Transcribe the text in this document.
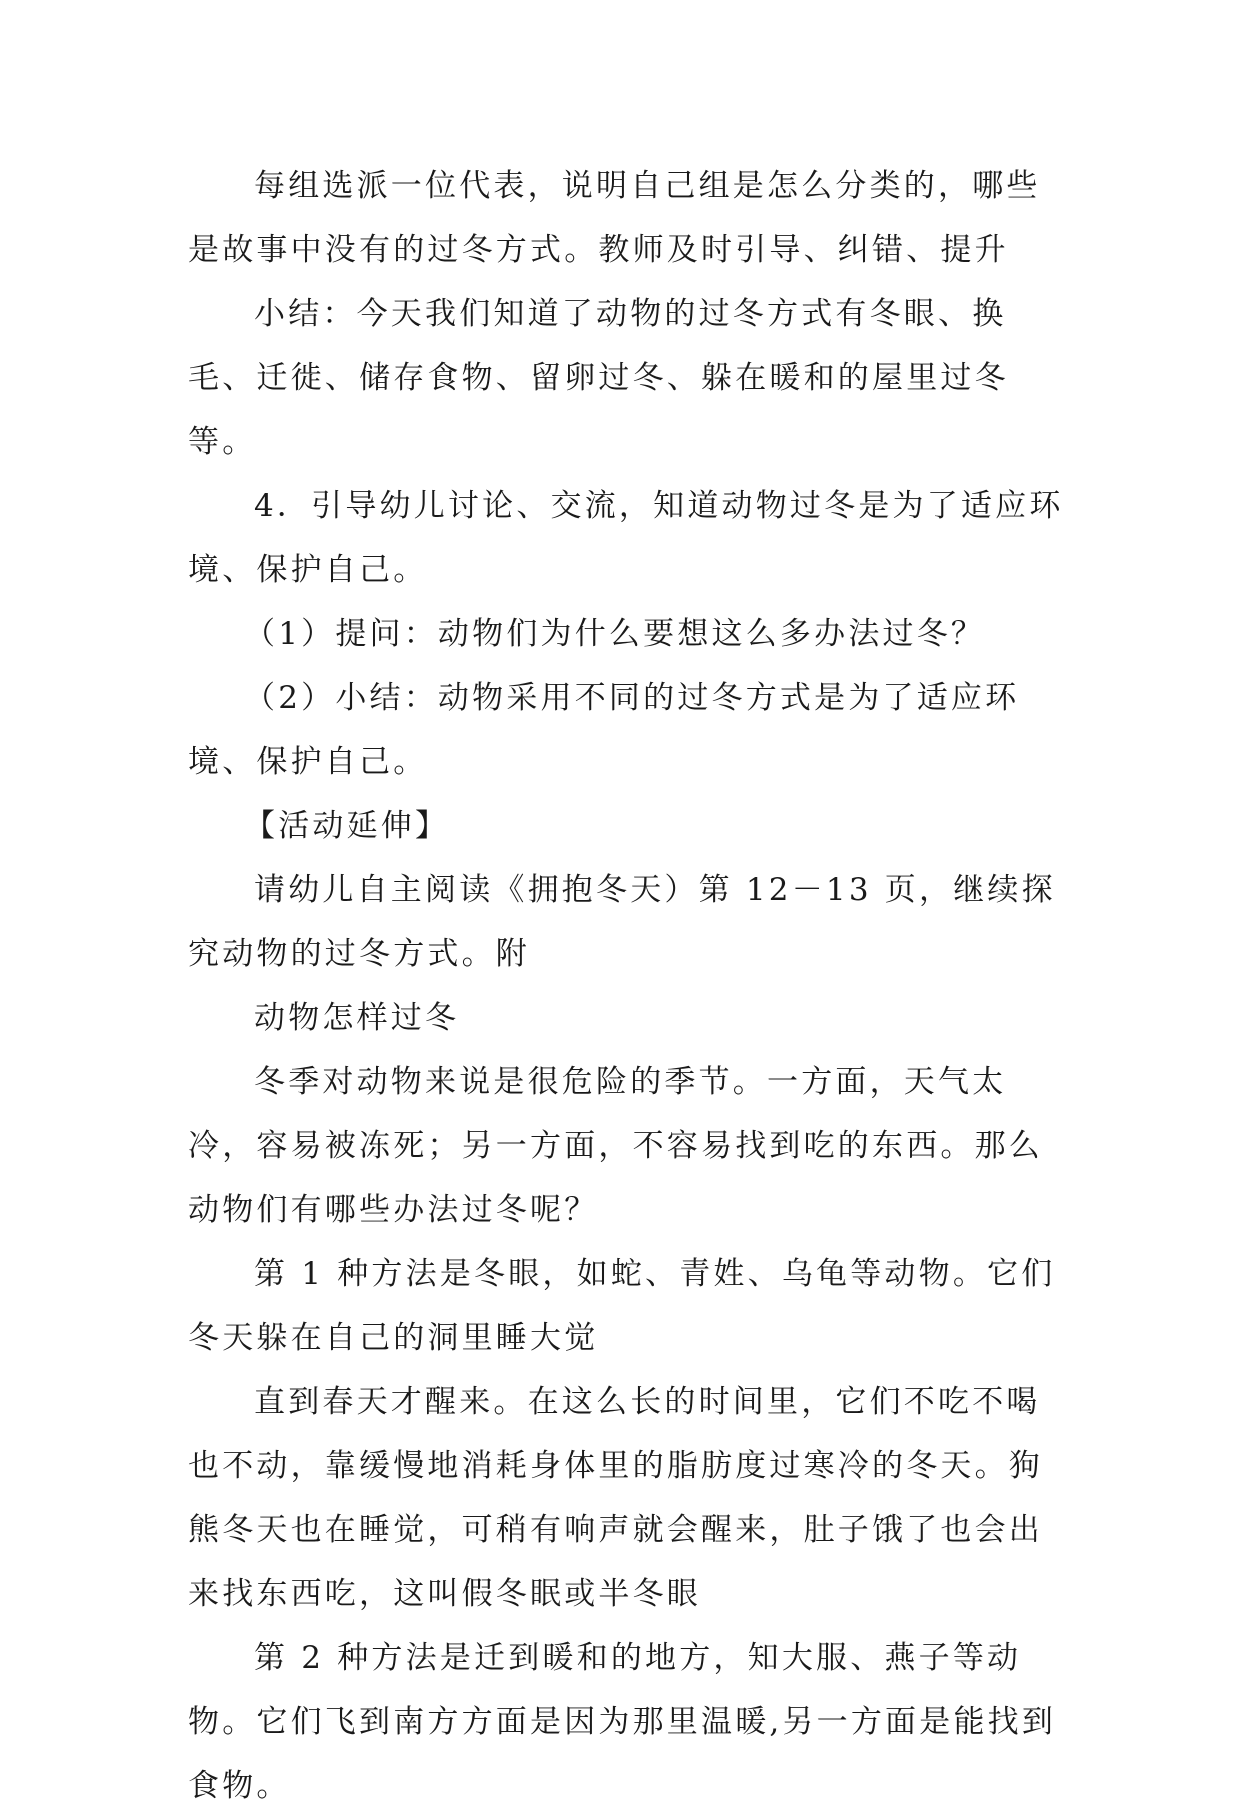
每组选派一位代表，说明自己组是怎么分类的，哪些是故事中没有的过冬方式。教师及时引导、纠错、提升

小结：今天我们知道了动物的过冬方式有冬眼、换毛、迁徙、储存食物、留卵过冬、躲在暖和的屋里过冬等。

4．引导幼儿讨论、交流，知道动物过冬是为了适应环境、保护自己。

（1）提问：动物们为什么要想这么多办法过冬？

（2）小结：动物采用不同的过冬方式是为了适应环境、保护自己。

【活动延伸】

请幼儿自主阅读《拥抱冬天）第 12－13 页，继续探究动物的过冬方式。附

动物怎样过冬

冬季对动物来说是很危险的季节。一方面，天气太冷，容易被冻死；另一方面，不容易找到吃的东西。那么动物们有哪些办法过冬呢？

第 1 种方法是冬眼，如蛇、青姓、乌龟等动物。它们冬天躲在自己的洞里睡大觉

直到春天才醒来。在这么长的时间里，它们不吃不喝也不动，靠缓慢地消耗身体里的脂肪度过寒冷的冬天。狗熊冬天也在睡觉，可稍有响声就会醒来，肚子饿了也会出来找东西吃，这叫假冬眠或半冬眼

第 2 种方法是迁到暖和的地方，知大服、燕子等动物。它们飞到南方方面是因为那里温暖,另一方面是能找到食物。
